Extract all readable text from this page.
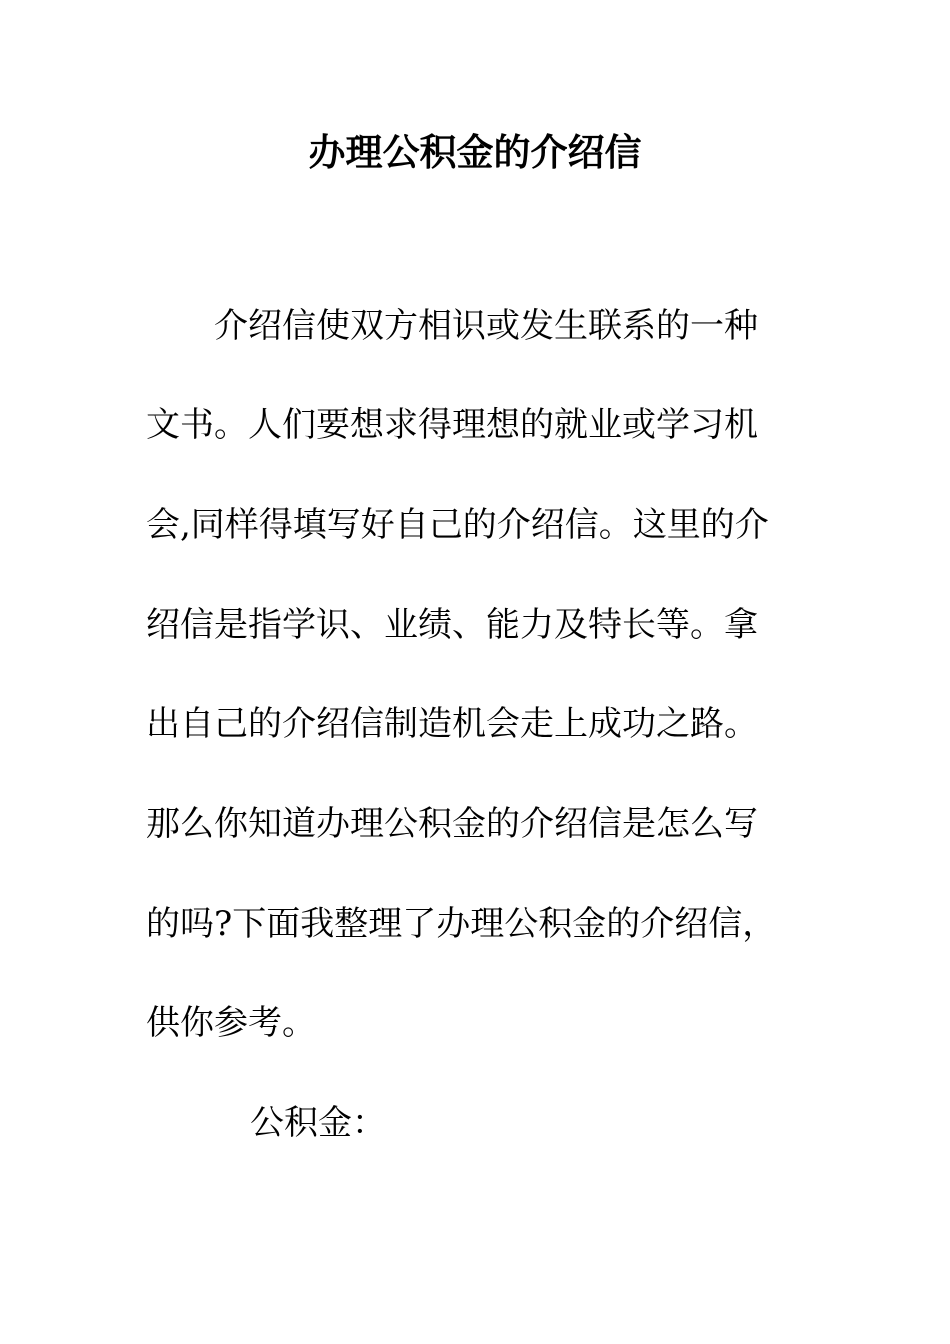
办理公积金的介绍信
介绍信使双方相识或发生联系的一种
文书。人们要想求得理想的就业或学习机
会,同样得填写好自己的介绍信。这里的介
绍信是指学识、业绩、能力及特长等。拿
出自己的介绍信制造机会走上成功之路。
那么你知道办理公积金的介绍信是怎么写
的吗?下面我整理了办理公积金的介绍信，
供你参考。
公积金：
